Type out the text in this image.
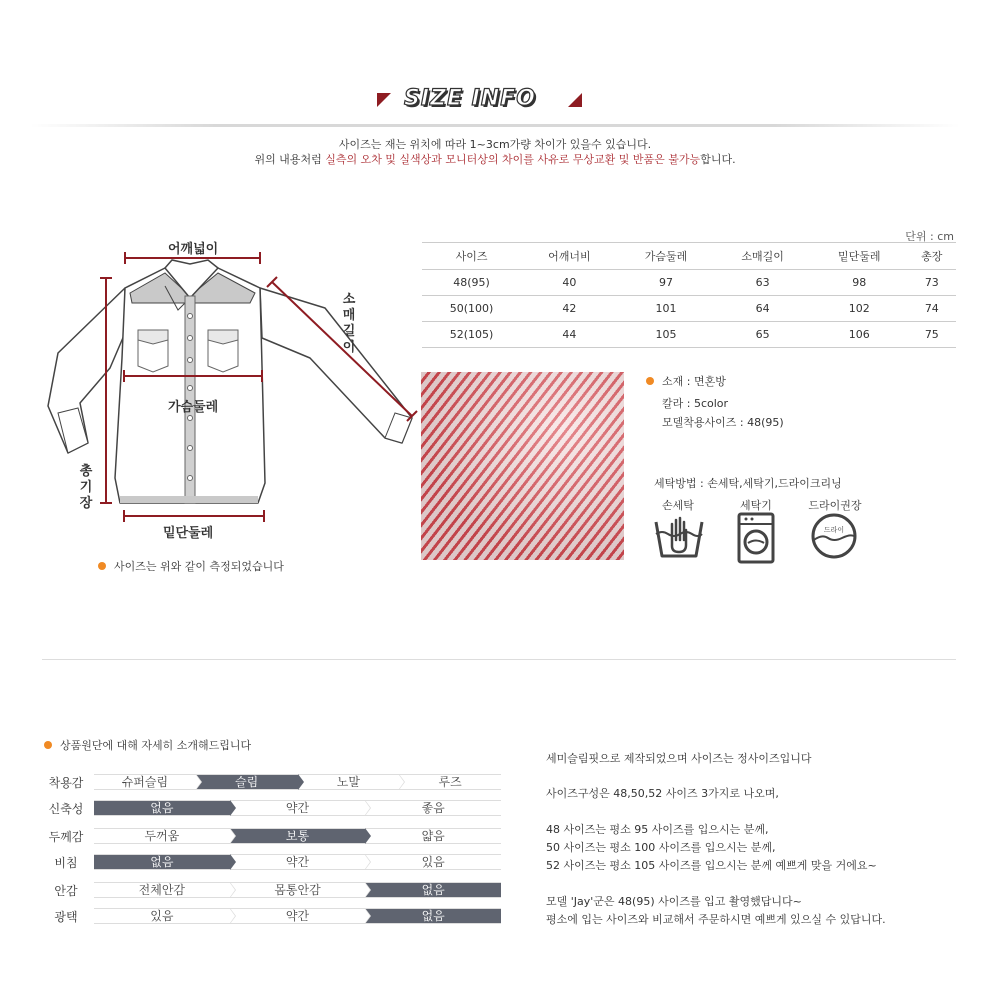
SIZE INFO
사이즈는 재는 위치에 따라 1~3cm가량 차이가 있을수 있습니다.
위의 내용처럼 실측의 오차 및 실색상과 모니터상의 차이를 사유로 무상교환 및 반품은 불가능합니다.
어깨넓이
소매길이
가슴둘레
총기장
밑단둘레
사이즈는 위와 같이 측정되었습니다
단위 : cm
사이즈	어깨너비	가슴둘레	소매길이	밑단둘레	총장
48(95)	40	97	63	98	73
50(100)	42	101	64	102	74
52(105)	44	105	65	106	75
소재 : 면혼방
칼라 : 5color
모델착용사이즈 : 48(95)
세탁방법 : 손세탁,세탁기,드라이크리닝
손세탁	세탁기	드라이권장
드라이
상품원단에 대해 자세히 소개해드립니다
착용감	슈퍼슬림	슬림	노말	루즈
신축성	없음	약간	좋음
두께감	두꺼움	보통	얇음
비침	없음	약간	있음
안감	전체안감	몸통안감	없음
광택	있음	약간	없음
세미슬림핏으로 제작되었으며 사이즈는 정사이즈입니다
사이즈구성은 48,50,52 사이즈 3가지로 나오며,
48 사이즈는 평소 95 사이즈를 입으시는 분께,
50 사이즈는 평소 100 사이즈를 입으시는 분께,
52 사이즈는 평소 105 사이즈를 입으시는 분께 예쁘게 맞을 거에요~
모델 'Jay'군은 48(95) 사이즈를 입고 촬영했답니다~
평소에 입는 사이즈와 비교해서 주문하시면 예쁘게 있으실 수 있답니다.
